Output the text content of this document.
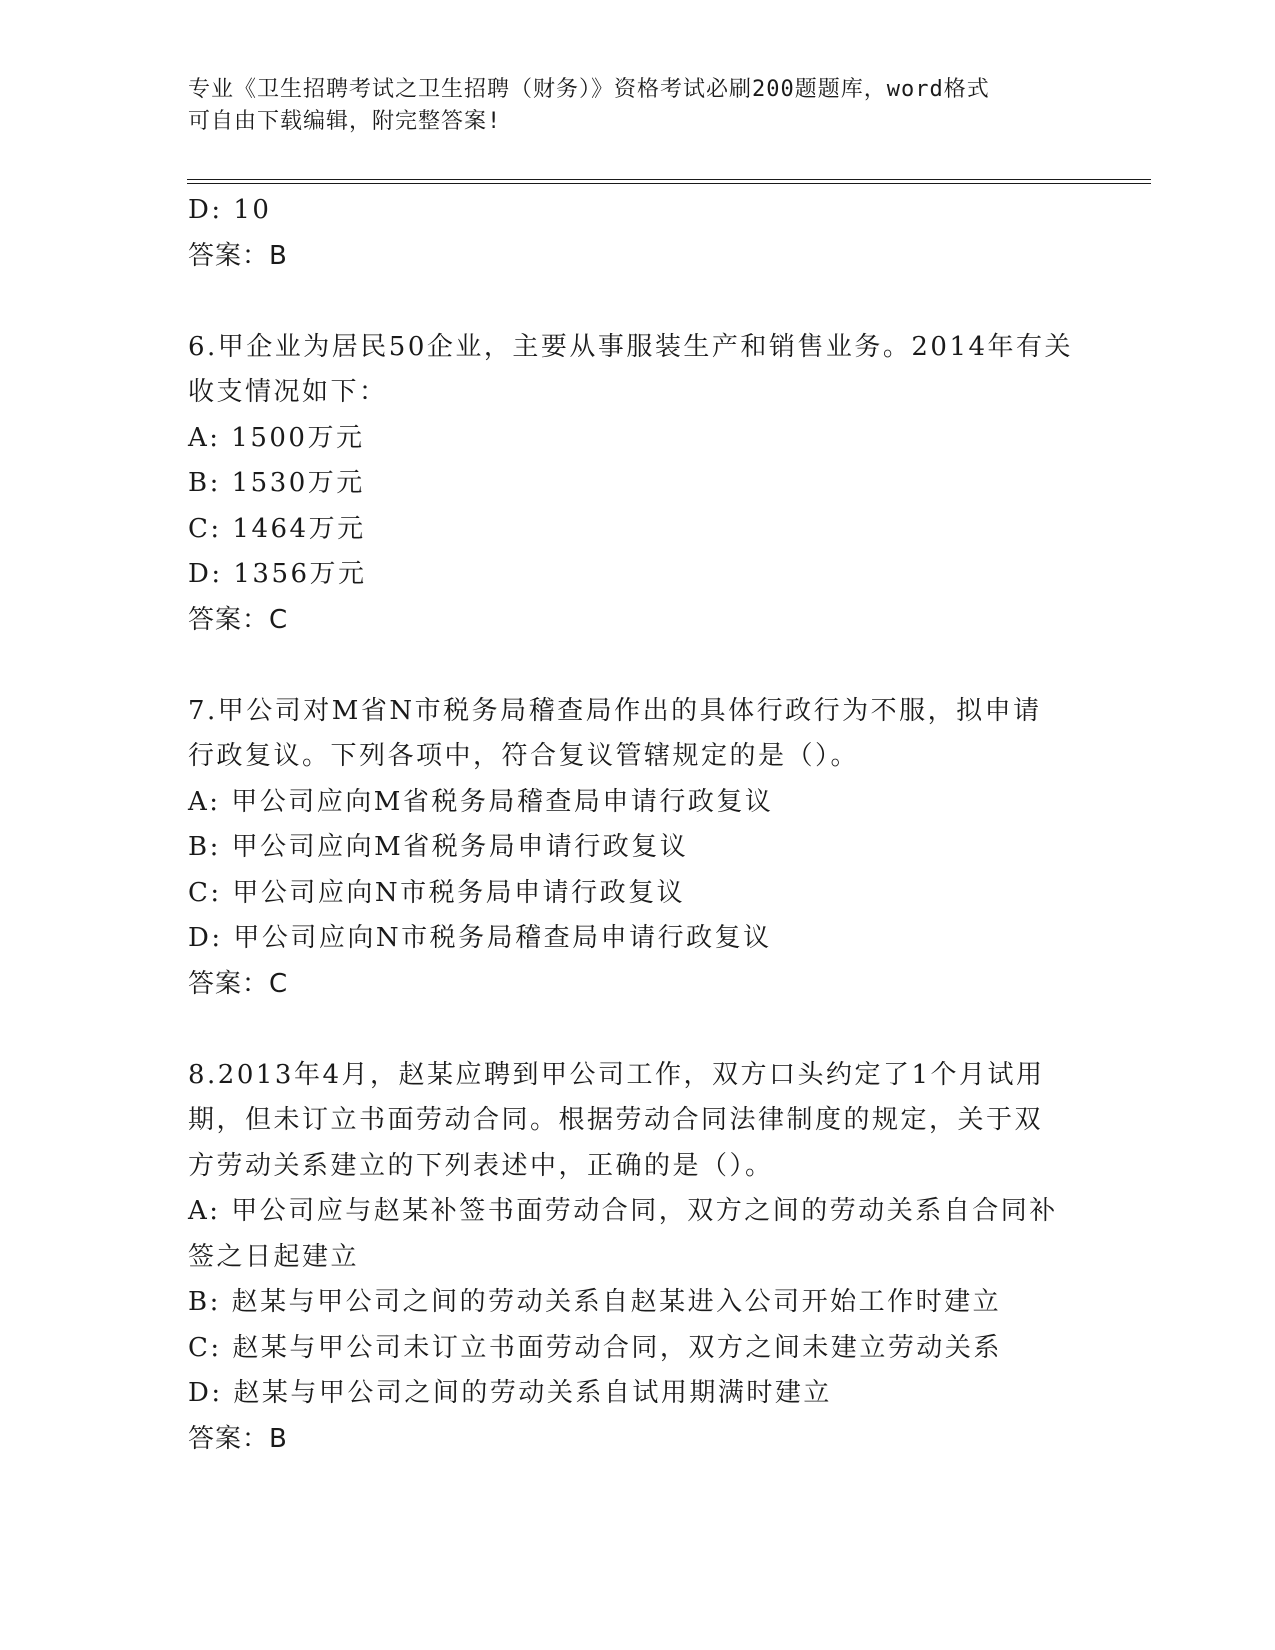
专业《卫生招聘考试之卫生招聘（财务）》资格考试必刷200题题库，word格式
可自由下载编辑，附完整答案!
D: 10
答案：B
6.甲企业为居民50企业，主要从事服装生产和销售业务。2014年有关
收支情况如下：
A: 1500万元
B: 1530万元
C: 1464万元
D: 1356万元
答案：C
7.甲公司对M省N市税务局稽查局作出的具体行政行为不服，拟申请
行政复议。下列各项中，符合复议管辖规定的是（）。
A: 甲公司应向M省税务局稽查局申请行政复议
B: 甲公司应向M省税务局申请行政复议
C: 甲公司应向N市税务局申请行政复议
D: 甲公司应向N市税务局稽查局申请行政复议
答案：C
8.2013年4月，赵某应聘到甲公司工作，双方口头约定了1个月试用
期，但未订立书面劳动合同。根据劳动合同法律制度的规定，关于双
方劳动关系建立的下列表述中，正确的是（）。
A: 甲公司应与赵某补签书面劳动合同，双方之间的劳动关系自合同补
签之日起建立
B: 赵某与甲公司之间的劳动关系自赵某进入公司开始工作时建立
C: 赵某与甲公司未订立书面劳动合同，双方之间未建立劳动关系
D: 赵某与甲公司之间的劳动关系自试用期满时建立
答案：B
